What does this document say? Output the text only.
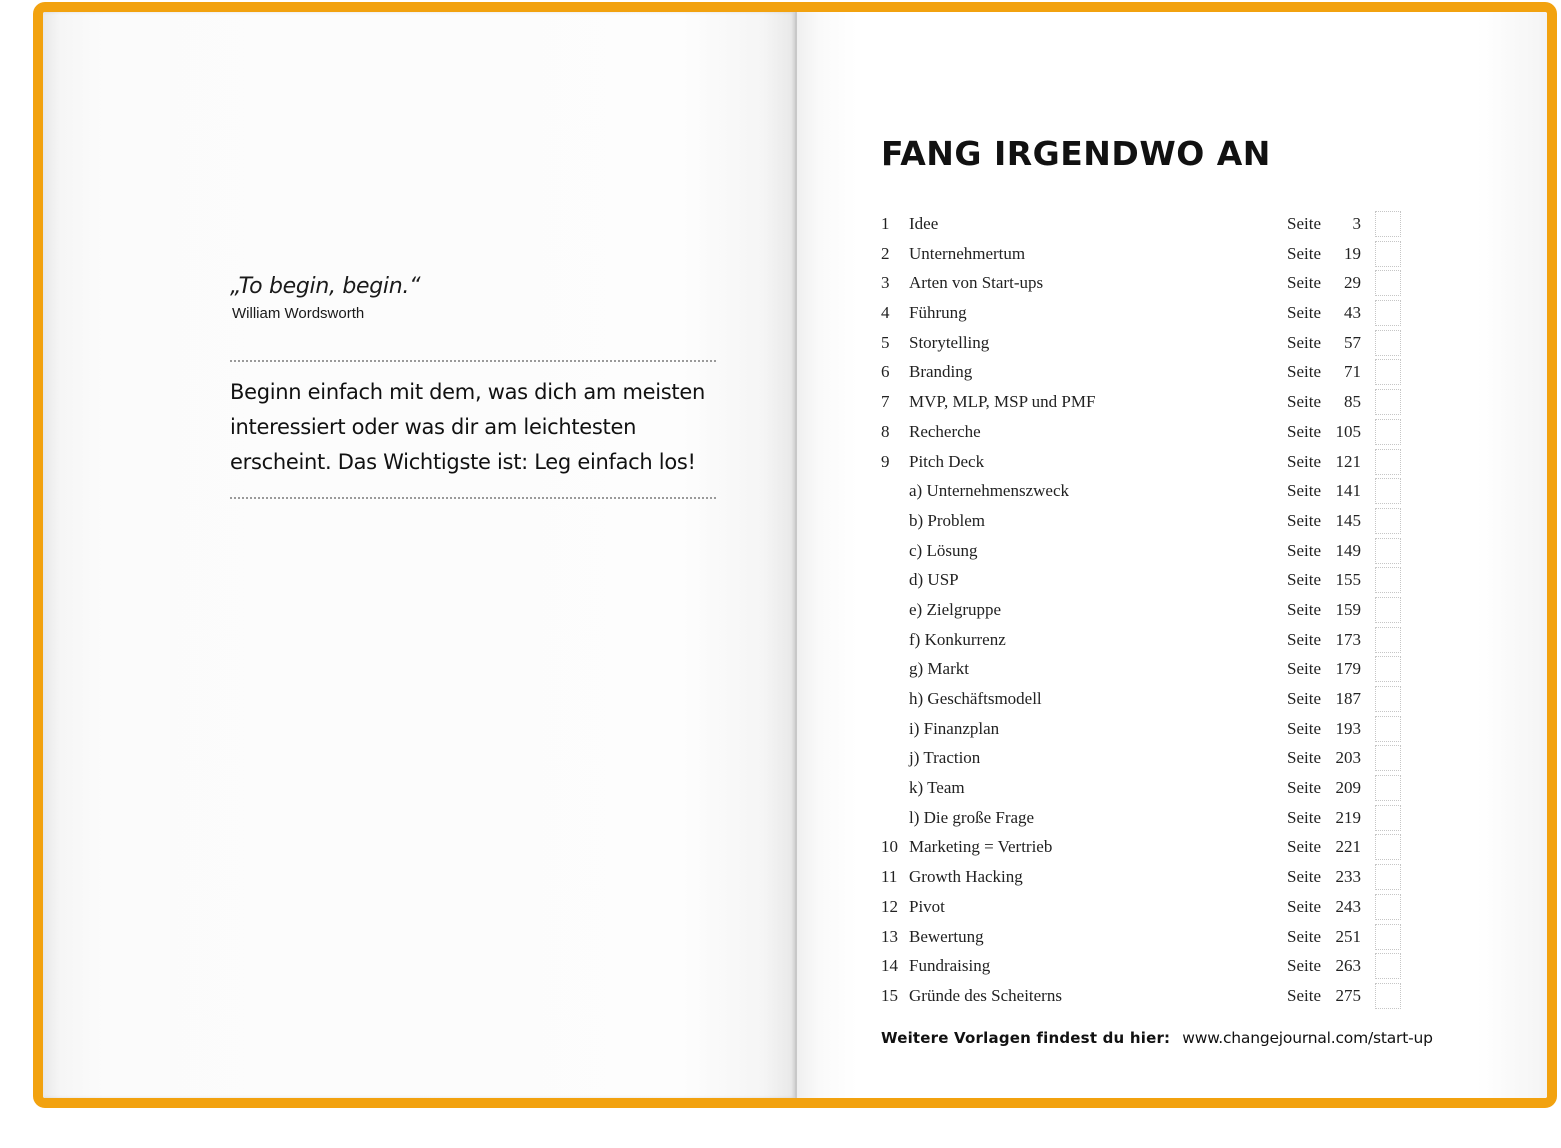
„To begin, begin.“
William Wordsworth
Beginn einfach mit dem, was dich am meisten interessiert oder was dir am leichtesten erscheint. Das Wichtigste ist: Leg einfach los!
FANG IRGENDWO AN
1 Idee	Seite	3
2 Unternehmertum	Seite	19
3 Arten von Start-ups	Seite	29
4 Führung	Seite	43
5 Storytelling	Seite	57
6 Branding	Seite	71
7 MVP, MLP, MSP und PMF	Seite	85
8 Recherche	Seite 105
9 Pitch Deck	Seite 121
a) Unternehmenszweck	Seite 141
b) Problem	Seite 145
c) Lösung	Seite 149
d) USP	Seite 155
e) Zielgruppe	Seite 159
f) Konkurrenz	Seite 173
g) Markt	Seite 179
h) Geschäftsmodell	Seite 187
i) Finanzplan	Seite 193
j) Traction	Seite 203
k) Team	Seite 209
l) Die große Frage	Seite 219
10 Marketing = Vertrieb	Seite 221
11 Growth Hacking	Seite 233
12 Pivot	Seite 243
13 Bewertung	Seite 251
14 Fundraising	Seite 263
15 Gründe des Scheiterns	Seite 275
Weitere Vorlagen findest du hier: www.changejournal.com/start-up
